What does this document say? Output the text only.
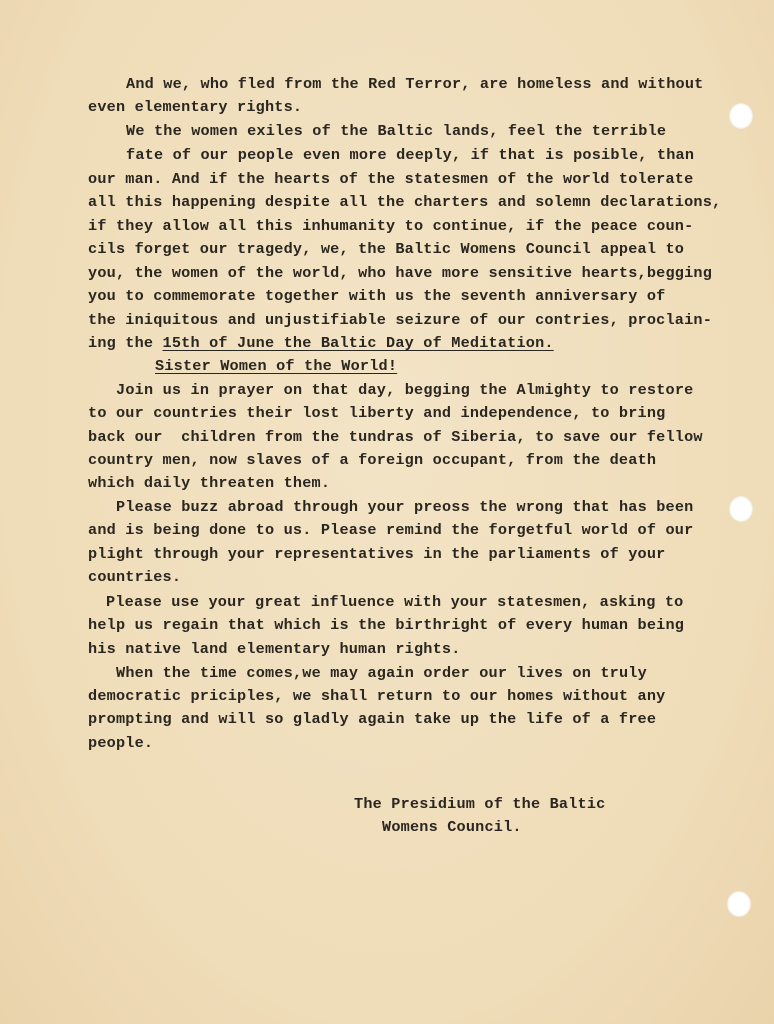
And we, who fled from the Red Terror, are homeless and without
even elementary rights.
We the women exiles of the Baltic lands, feel the terrible
fate of our people even more deeply, if that is posible, than
our man. And if the hearts of the statesmen of the world tolerate
all this happening despite all the charters and solemn declarations,
if they allow all this inhumanity to continue, if the peace coun-
cils forget our tragedy, we, the Baltic Womens Council appeal to
you, the women of the world, who have more sensitive hearts,begging
you to commemorate together with us the seventh anniversary of
the iniquitous and unjustifiable seizure of our contries, proclain-
ing the 15th of June the Baltic Day of Meditation.
Sister Women of the World!
Join us in prayer on that day, begging the Almighty to restore
to our countries their lost liberty and independence, to bring
back our  children from the tundras of Siberia, to save our fellow
country men, now slaves of a foreign occupant, from the death
which daily threaten them.
Please buzz abroad through your preoss the wrong that has been
and is being done to us. Please remind the forgetful world of our
plight through your representatives in the parliaments of your
countries.
Please use your great influence with your statesmen, asking to
help us regain that which is the birthright of every human being
his native land elementary human rights.
When the time comes,we may again order our lives on truly
democratic priciples, we shall return to our homes without any
prompting and will so gladly again take up the life of a free
people.
The Presidium of the Baltic
Womens Council.
